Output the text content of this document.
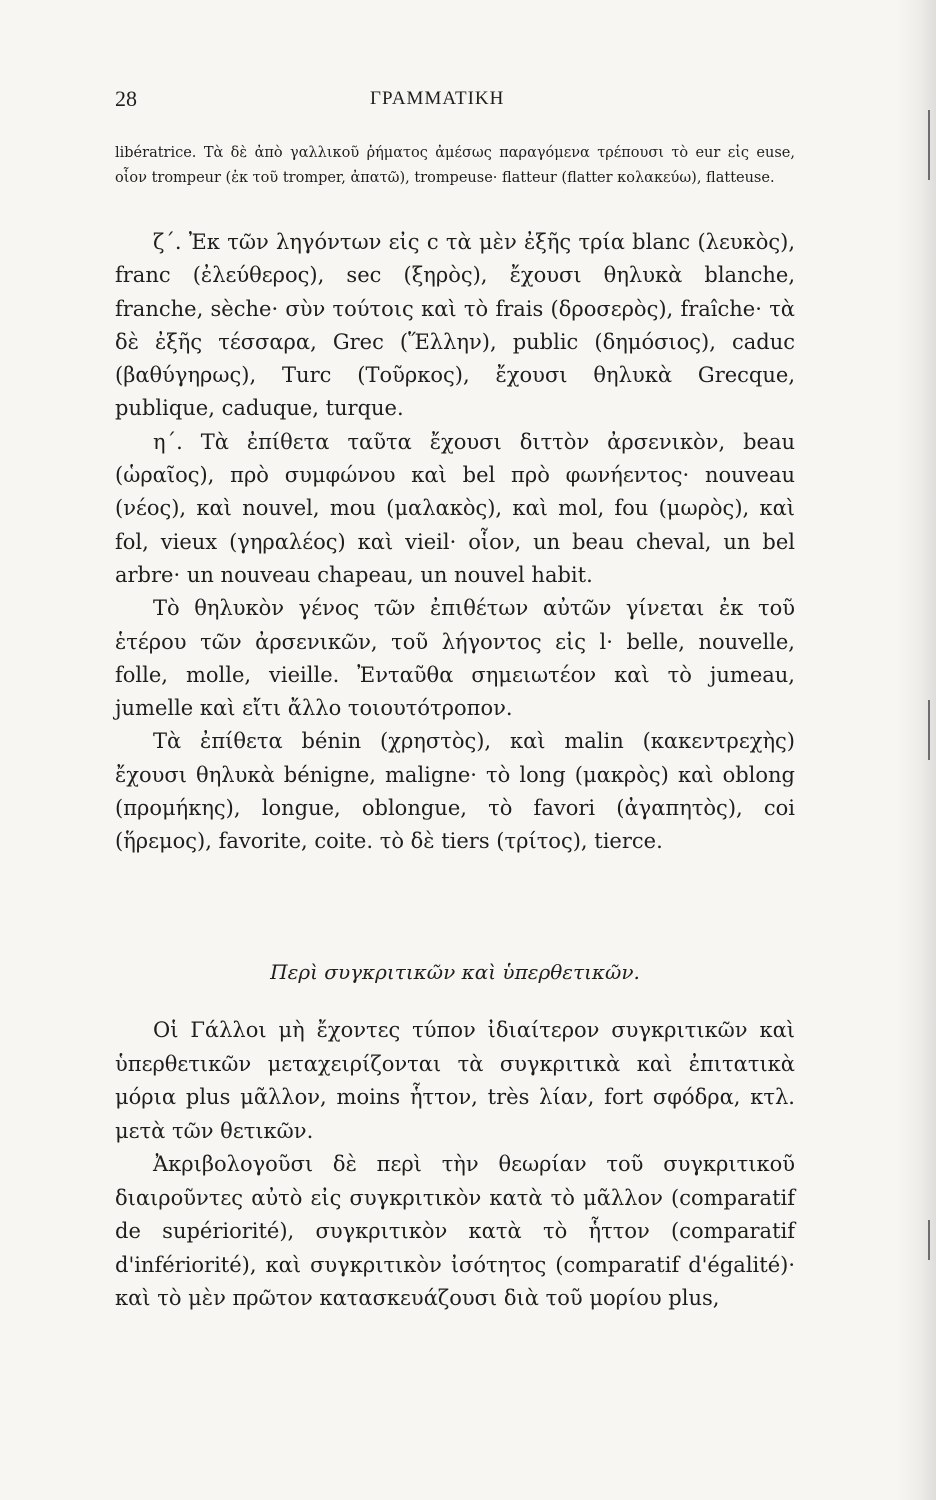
28	ΓΡΑΜΜΑΤΙΚΗ

libératrice. Τὰ δὲ ἀπὸ γαλλικοῦ ῥήματος ἀμέσως παραγόμενα τρέπουσι τὸ eur εἰς euse, οἷον trompeur (ἐκ τοῦ tromper, ἀπατῶ), trompeuse· flatteur (flatter κολακεύω), flatteuse.

ζ΄. Ἐκ τῶν ληγόντων εἰς c τὰ μὲν ἐξῆς τρία blanc (λευκὸς), franc (ἐλεύθερος), sec (ξηρὸς), ἔχουσι θηλυκὰ blanche, franche, sèche· σὺν τούτοις καὶ τὸ frais (δροσερὸς), fraîche· τὰ δὲ ἐξῆς τέσσαρα, Grec (Ἕλλην), public (δημόσιος), caduc (βαθύγηρως), Turc (Τοῦρκος), ἔχουσι θηλυκὰ Grecque, publique, caduque, turque.

η΄. Τὰ ἐπίθετα ταῦτα ἔχουσι διττὸν ἀρσενικὸν, beau (ὡραῖος), πρὸ συμφώνου καὶ bel πρὸ φωνήεντος· nouveau (νέος), καὶ nouvel, mou (μαλακὸς), καὶ mol, fou (μωρὸς), καὶ fol, vieux (γηραλέος) καὶ vieil· οἷον, un beau cheval, un bel arbre· un nouveau chapeau, un nouvel habit.

Τὸ θηλυκὸν γένος τῶν ἐπιθέτων αὐτῶν γίνεται ἐκ τοῦ ἑτέρου τῶν ἀρσενικῶν, τοῦ λήγοντος εἰς l· belle, nouvelle, folle, molle, vieille. Ἐνταῦθα σημειωτέον καὶ τὸ jumeau, jumelle καὶ εἴτι ἄλλο τοιουτότροπον.

Τὰ ἐπίθετα bénin (χρηστὸς), καὶ malin (κακεντρεχὴς) ἔχουσι θηλυκὰ bénigne, maligne· τὸ long (μακρὸς) καὶ oblong (προμήκης), longue, oblongue, τὸ favori (ἀγαπητὸς), coi (ἥρεμος), favorite, coite. τὸ δὲ tiers (τρίτος), tierce.

Περὶ συγκριτικῶν καὶ ὑπερθετικῶν.

Οἱ Γάλλοι μὴ ἔχοντες τύπον ἰδιαίτερον συγκριτικῶν καὶ ὑπερθετικῶν μεταχειρίζονται τὰ συγκριτικὰ καὶ ἐπιτατικὰ μόρια plus μᾶλλον, moins ἧττον, très λίαν, fort σφόδρα, κτλ. μετὰ τῶν θετικῶν.

Ἀκριβολογοῦσι δὲ περὶ τὴν θεωρίαν τοῦ συγκριτικοῦ διαιροῦντες αὐτὸ εἰς συγκριτικὸν κατὰ τὸ μᾶλλον (comparatif de supériorité), συγκριτικὸν κατὰ τὸ ἧττον (comparatif d'infériorité), καὶ συγκριτικὸν ἰσότητος (comparatif d'égalité)· καὶ τὸ μὲν πρῶτον κατασκευάζουσι διὰ τοῦ μορίου plus,
